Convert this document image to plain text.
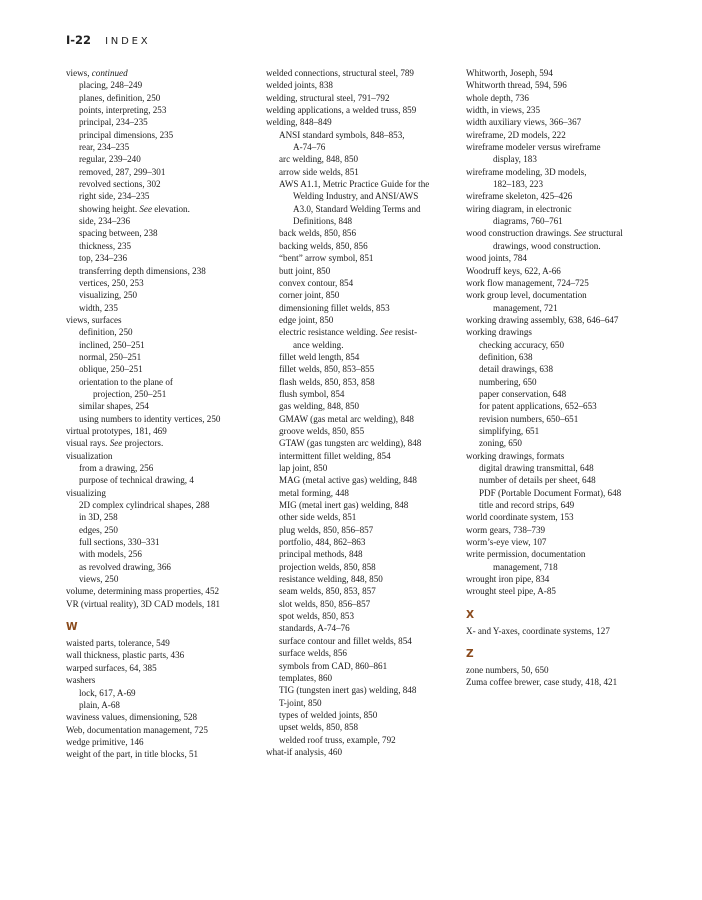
I-22 INDEX
views, continued
placing, 248–249
planes, definition, 250
points, interpreting, 253
principal, 234–235
principal dimensions, 235
rear, 234–235
regular, 239–240
removed, 287, 299–301
revolved sections, 302
right side, 234–235
showing height. See elevation.
side, 234–236
spacing between, 238
thickness, 235
top, 234–236
transferring depth dimensions, 238
vertices, 250, 253
visualizing, 250
width, 235
views, surfaces
definition, 250
inclined, 250–251
normal, 250–251
oblique, 250–251
orientation to the plane of
projection, 250–251
similar shapes, 254
using numbers to identity vertices, 250
virtual prototypes, 181, 469
visual rays. See projectors.
visualization
from a drawing, 256
purpose of technical drawing, 4
visualizing
2D complex cylindrical shapes, 288
in 3D, 258
edges, 250
full sections, 330–331
with models, 256
as revolved drawing, 366
views, 250
volume, determining mass properties, 452
VR (virtual reality), 3D CAD models, 181
W
waisted parts, tolerance, 549
wall thickness, plastic parts, 436
warped surfaces, 64, 385
washers
lock, 617, A-69
plain, A-68
waviness values, dimensioning, 528
Web, documentation management, 725
wedge primitive, 146
weight of the part, in title blocks, 51
welded connections, structural steel, 789
welded joints, 838
welding, structural steel, 791–792
welding applications, a welded truss, 859
welding, 848–849
ANSI standard symbols, 848–853,
A-74–76
arc welding, 848, 850
arrow side welds, 851
AWS A1.1, Metric Practice Guide for the
Welding Industry, and ANSI/AWS
A3.0, Standard Welding Terms and
Definitions, 848
back welds, 850, 856
backing welds, 850, 856
“bent” arrow symbol, 851
butt joint, 850
convex contour, 854
corner joint, 850
dimensioning fillet welds, 853
edge joint, 850
electric resistance welding. See resist-
ance welding.
fillet weld length, 854
fillet welds, 850, 853–855
flash welds, 850, 853, 858
flush symbol, 854
gas welding, 848, 850
GMAW (gas metal arc welding), 848
groove welds, 850, 855
GTAW (gas tungsten arc welding), 848
intermittent fillet welding, 854
lap joint, 850
MAG (metal active gas) welding, 848
metal forming, 448
MIG (metal inert gas) welding, 848
other side welds, 851
plug welds, 850, 856–857
portfolio, 484, 862–863
principal methods, 848
projection welds, 850, 858
resistance welding, 848, 850
seam welds, 850, 853, 857
slot welds, 850, 856–857
spot welds, 850, 853
standards, A-74–76
surface contour and fillet welds, 854
surface welds, 856
symbols from CAD, 860–861
templates, 860
TIG (tungsten inert gas) welding, 848
T-joint, 850
types of welded joints, 850
upset welds, 850, 858
welded roof truss, example, 792
what-if analysis, 460
Whitworth, Joseph, 594
Whitworth thread, 594, 596
whole depth, 736
width, in views, 235
width auxiliary views, 366–367
wireframe, 2D models, 222
wireframe modeler versus wireframe
display, 183
wireframe modeling, 3D models,
182–183, 223
wireframe skeleton, 425–426
wiring diagram, in electronic
diagrams, 760–761
wood construction drawings. See structural
drawings, wood construction.
wood joints, 784
Woodruff keys, 622, A-66
work flow management, 724–725
work group level, documentation
management, 721
working drawing assembly, 638, 646–647
working drawings
checking accuracy, 650
definition, 638
detail drawings, 638
numbering, 650
paper conservation, 648
for patent applications, 652–653
revision numbers, 650–651
simplifying, 651
zoning, 650
working drawings, formats
digital drawing transmittal, 648
number of details per sheet, 648
PDF (Portable Document Format), 648
title and record strips, 649
world coordinate system, 153
worm gears, 738–739
worm’s-eye view, 107
write permission, documentation
management, 718
wrought iron pipe, 834
wrought steel pipe, A-85
X
X- and Y-axes, coordinate systems, 127
Z
zone numbers, 50, 650
Zuma coffee brewer, case study, 418, 421
